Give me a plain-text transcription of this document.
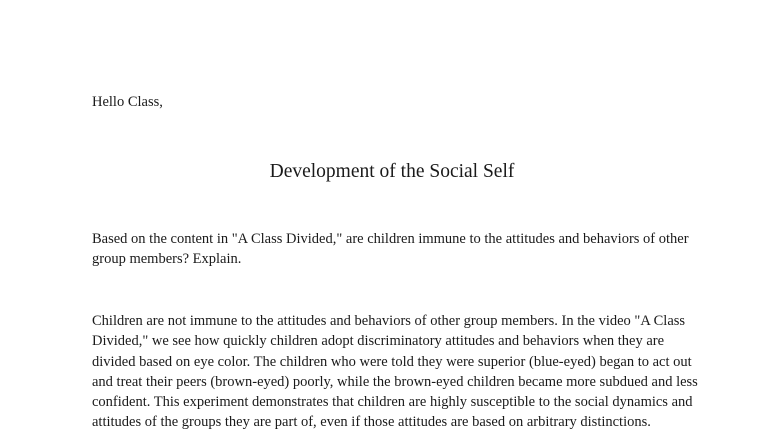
Hello Class,

Development of the Social Self

Based on the content in "A Class Divided," are children immune to the attitudes and behaviors of other group members? Explain.

Children are not immune to the attitudes and behaviors of other group members. In the video "A Class Divided," we see how quickly children adopt discriminatory attitudes and behaviors when they are divided based on eye color. The children who were told they were superior (blue-eyed) began to act out and treat their peers (brown-eyed) poorly, while the brown-eyed children became more subdued and less confident. This experiment demonstrates that children are highly susceptible to the social dynamics and attitudes of the groups they are part of, even if those attitudes are based on arbitrary distinctions.
